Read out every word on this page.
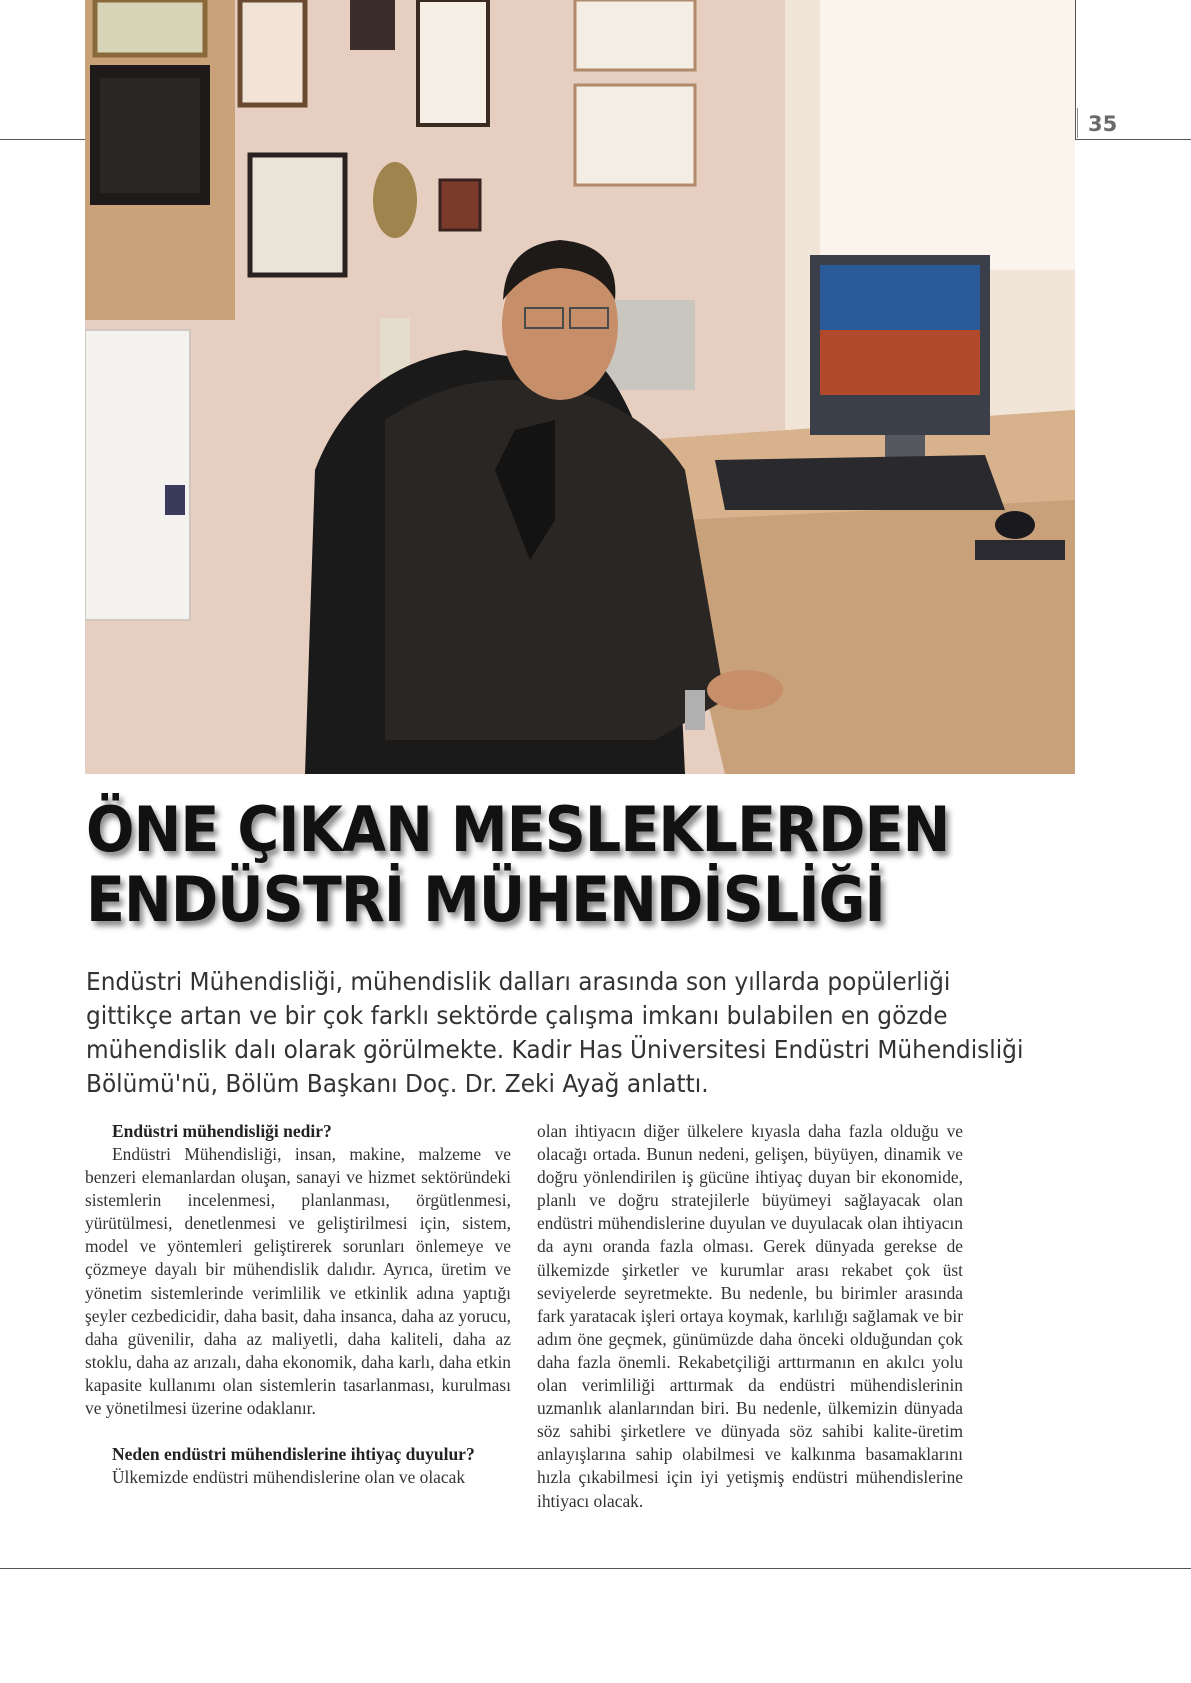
35
ÖNE ÇIKAN MESLEKLERDEN
ENDÜSTRİ MÜHENDİSLİĞİ
Endüstri Mühendisliği, mühendislik dalları arasında son yıllarda popülerliği gittikçe artan ve bir çok farklı sektörde çalışma imkanı bulabilen en gözde mühendislik dalı olarak görülmekte. Kadir Has Üniversitesi Endüstri Mühendisliği Bölümü'nü, Bölüm Başkanı Doç. Dr. Zeki Ayağ anlattı.
Endüstri mühendisliği nedir?

Endüstri Mühendisliği, insan, makine, malzeme ve benzeri elemanlardan oluşan, sanayi ve hizmet sektöründeki sistemlerin incelenmesi, planlanması, örgütlenmesi, yürütülmesi, denetlenmesi ve geliştirilmesi için, sistem, model ve yöntemleri geliştirerek sorunları önlemeye ve çözmeye dayalı bir mühendislik dalıdır. Ayrıca, üretim ve yönetim sistemlerinde verimlilik ve etkinlik adına yaptığı şeyler cezbedicidir, daha basit, daha insanca, daha az yorucu, daha güvenilir, daha az maliyetli, daha kaliteli, daha az stoklu, daha az arızalı, daha ekonomik, daha karlı, daha etkin kapasite kullanımı olan sistemlerin tasarlanması, kurulması ve yönetilmesi üzerine odaklanır.

Neden endüstri mühendislerine ihtiyaç duyulur?

Ülkemizde endüstri mühendislerine olan ve olacak

olan ihtiyacın diğer ülkelere kıyasla daha fazla olduğu ve olacağı ortada. Bunun nedeni, gelişen, büyüyen, dinamik ve doğru yönlendirilen iş gücüne ihtiyaç duyan bir ekonomide, planlı ve doğru stratejilerle büyümeyi sağlayacak olan endüstri mühendislerine duyulan ve duyulacak olan ihtiyacın da aynı oranda fazla olması. Gerek dünyada gerekse de ülkemizde şirketler ve kurumlar arası rekabet çok üst seviyelerde seyretmekte. Bu nedenle, bu birimler arasında fark yaratacak işleri ortaya koymak, karlılığı sağlamak ve bir adım öne geçmek, günümüzde daha önceki olduğundan çok daha fazla önemli. Rekabetçiliği arttırmanın en akılcı yolu olan verimliliği arttırmak da endüstri mühendislerinin uzmanlık alanlarından biri. Bu nedenle, ülkemizin dünyada söz sahibi şirketlere ve dünyada söz sahibi kalite-üretim anlayışlarına sahip olabilmesi ve kalkınma basamaklarını hızla çıkabilmesi için iyi yetişmiş endüstri mühendislerine ihtiyacı olacak.
